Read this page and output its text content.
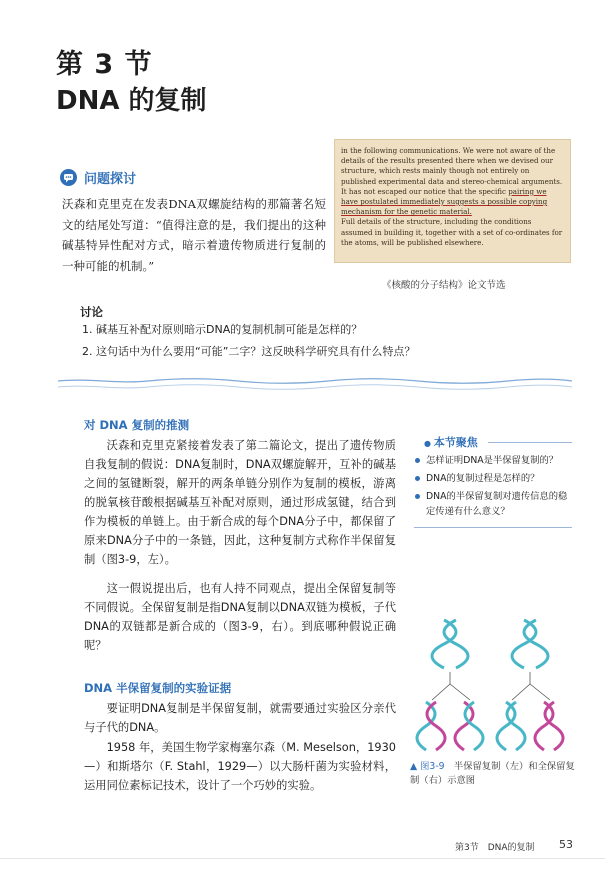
第 3 节
DNA 的复制
问题探讨
沃森和克里克在发表DNA双螺旋结构的那篇著名短文的结尾处写道：“值得注意的是，我们提出的这种碱基特异性配对方式，暗示着遗传物质进行复制的一种可能的机制。”
in the following communications. We were not aware of the details of the results presented there when we devised our structure, which rests mainly though not entirely on published experimental data and stereo-chemical arguments.
It has not escaped our notice that the specific pairing we have postulated immediately suggests a possible copying mechanism for the genetic material.
Full details of the structure, including the conditions assumed in building it, together with a set of co-ordinates for the atoms, will be published elsewhere.
《核酸的分子结构》论文节选
讨论
1. 碱基互补配对原则暗示DNA的复制机制可能是怎样的？
2. 这句话中为什么要用“可能”二字？这反映科学研究具有什么特点？
对 DNA 复制的推测
沃森和克里克紧接着发表了第二篇论文，提出了遗传物质自我复制的假说：DNA复制时，DNA双螺旋解开，互补的碱基之间的氢键断裂，解开的两条单链分别作为复制的模板，游离的脱氧核苷酸根据碱基互补配对原则，通过形成氢键，结合到作为模板的单链上。由于新合成的每个DNA分子中，都保留了原来DNA分子中的一条链，因此，这种复制方式称作半保留复制（图3-9，左）。
这一假说提出后，也有人持不同观点，提出全保留复制等不同假说。全保留复制是指DNA复制以DNA双链为模板，子代DNA的双链都是新合成的（图3-9，右）。到底哪种假说正确呢？
DNA 半保留复制的实验证据
要证明DNA复制是半保留复制，就需要通过实验区分亲代与子代的DNA。
1958 年，美国生物学家梅塞尔森（M. Meselson，1930—）和斯塔尔（F. Stahl，1929—）以大肠杆菌为实验材料，运用同位素标记技术，设计了一个巧妙的实验。
● 本节聚焦
怎样证明DNA是半保留复制的？
DNA的复制过程是怎样的？
DNA的半保留复制对遗传信息的稳定传递有什么意义？
▲ 图3-9　 半保留复制（左）和全保留复制（右）示意图
第3节　DNA的复制 53
